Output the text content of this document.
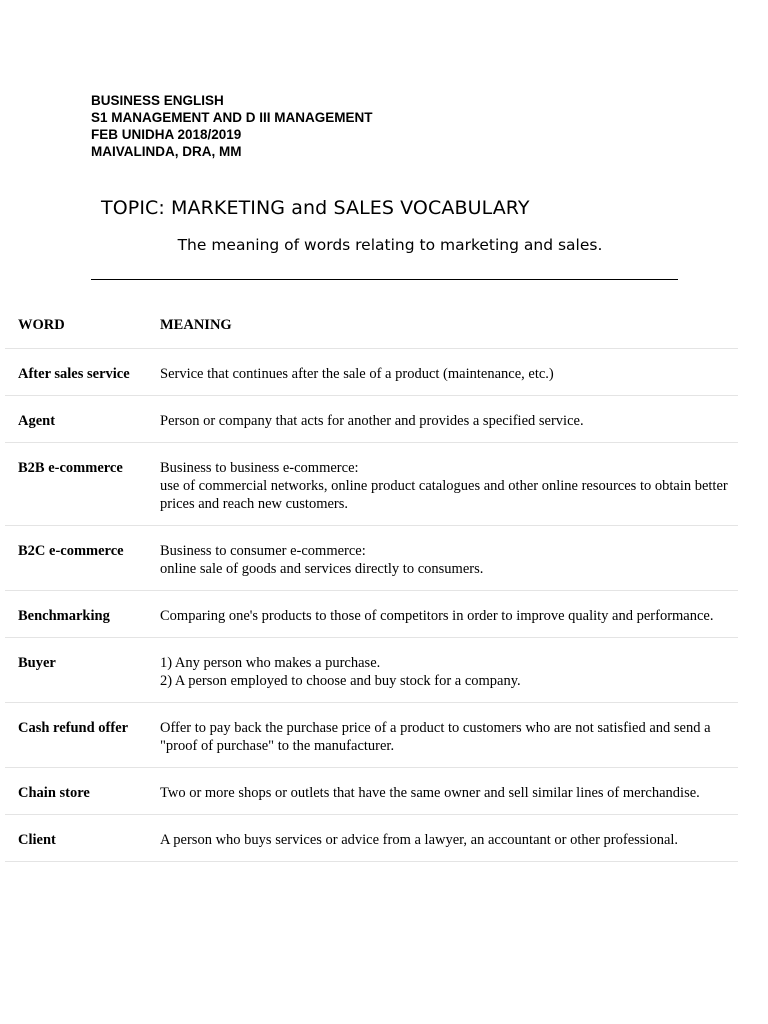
BUSINESS ENGLISH
S1 MANAGEMENT AND D III MANAGEMENT
FEB UNIDHA 2018/2019
MAIVALINDA, DRA, MM
TOPIC: MARKETING and SALES VOCABULARY
The meaning of words relating to marketing and sales.
WORD	MEANING
After sales service	Service that continues after the sale of a product (maintenance, etc.)

Agent	Person or company that acts for another and provides a specified service.

B2B e-commerce	Business to business e-commerce:
use of commercial networks, online product catalogues and other online resources to obtain better prices and reach new customers.

B2C e-commerce	Business to consumer e-commerce:
online sale of goods and services directly to consumers.

Benchmarking	Comparing one's products to those of competitors in order to improve quality and performance.

Buyer	1) Any person who makes a purchase.
2) A person employed to choose and buy stock for a company.

Cash refund offer	Offer to pay back the purchase price of a product to customers who are not satisfied and send a "proof of purchase" to the manufacturer.

Chain store	Two or more shops or outlets that have the same owner and sell similar lines of merchandise.

Client	A person who buys services or advice from a lawyer, an accountant or other professional.
